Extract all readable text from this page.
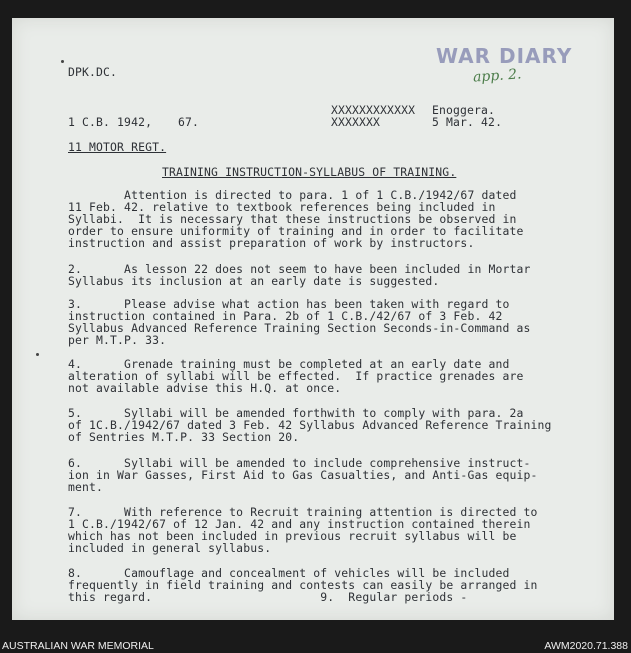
WAR DIARY
app. 2.
DPK.DC.
1 C.B. 1942, 67.
XXXXXXXXXXXX Enoggera.
XXXXXXX	5 Mar. 42.
11 MOTOR REGT.
TRAINING INSTRUCTION-SYLLABUS OF TRAINING.
Attention is directed to para. 1 of 1 C.B./1942/67 dated
11 Feb. 42. relative to textbook references being included in
Syllabi.  It is necessary that these instructions be observed in
order to ensure uniformity of training and in order to facilitate
instruction and assist preparation of work by instructors.
2.      As lesson 22 does not seem to have been included in Mortar
Syllabus its inclusion at an early date is suggested.
3.      Please advise what action has been taken with regard to
instruction contained in Para. 2b of 1 C.B./42/67 of 3 Feb. 42
Syllabus Advanced Reference Training Section Seconds-in-Command as
per M.T.P. 33.
4.      Grenade training must be completed at an early date and
alteration of syllabi will be effected.  If practice grenades are
not available advise this H.Q. at once.
5.      Syllabi will be amended forthwith to comply with para. 2a
of 1C.B./1942/67 dated 3 Feb. 42 Syllabus Advanced Reference Training
of Sentries M.T.P. 33 Section 20.
6.      Syllabi will be amended to include comprehensive instruct-
ion in War Gasses, First Aid to Gas Casualties, and Anti-Gas equip-
ment.
7.      With reference to Recruit training attention is directed to
1 C.B./1942/67 of 12 Jan. 42 and any instruction contained therein
which has not been included in previous recruit syllabus will be
included in general syllabus.
8.      Camouflage and concealment of vehicles will be included
frequently in field training and contests can easily be arranged in
this regard.                        9.  Regular periods -
AUSTRALIAN WAR MEMORIAL	AWM2020.71.388
